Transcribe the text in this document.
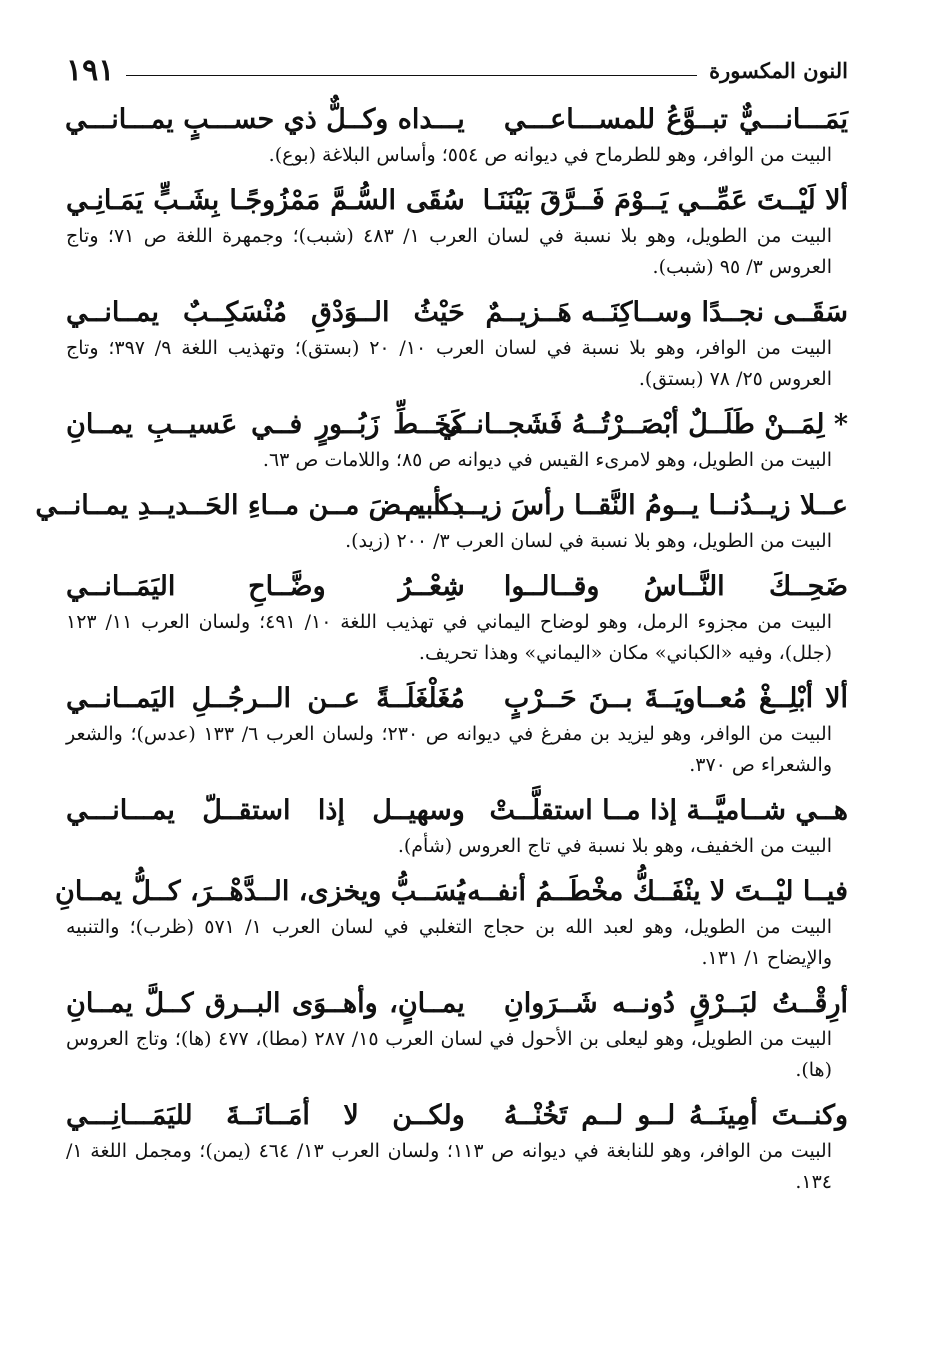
النون المكسورة
١٩١
يَمَـــانـــيٌّ تبــوَّعُ للمســـاعـــي
يـــداه وكــلٌّ ذي حســـبٍ يمـــانـــي
البيت من الوافر، وهو للطرماح في ديوانه ص ٥٥٤؛ وأساس البلاغة (بوع).
ألا لَيْــتَ عَمِّــي يَــوْمَ فَــرَّقَ بَيْنَنَـا
سُقَى السُّـمَّ مَمْزُوجًـا بِشَـبٍّ يَمَـانِـي
البيت من الطويل، وهو بلا نسبة في لسان العرب ١/ ٤٨٣ (شبب)؛ وجمهرة اللغة ص ٧١؛ وتاج العروس ٣/ ٩٥ (شبب).
سَقَــى نجــدًا وســاكِنَــه هَــزيــمٌ
حَيْثُ الــوَدْقِ مُنْسَكِــبٌ يمــانــي
البيت من الوافر، وهو بلا نسبة في لسان العرب ١٠/ ٢٠ (بستق)؛ وتهذيب اللغة ٩/ ٣٩٧؛ وتاج العروس ٢٥/ ٧٨ (بستق).
* لِمَــنْ طَلَــلٌ أبْصَــرْتُــهُ فَشَجــانــي
كَخَــطِّ زَبُــورٍ فــي عَسيــبِ يمــانِ
البيت من الطويل، وهو لامرىء القيس في ديوانه ص ٨٥؛ واللامات ص ٦٣.
عــلا زيــدُنــا يــومُ النَّقــا رأسَ زيــدكــم
بــأبيــضَ مــن مــاءِ الحَــديــدِ يمــانــي
البيت من الطويل، وهو بلا نسبة في لسان العرب ٣/ ٢٠٠ (زيد).
ضَحِــكَ النَّــاسُ وقــالــوا
شِعْــرُ وضَّــاحِ اليَمَــانــي
البيت من مجزوء الرمل، وهو لوضاح اليماني في تهذيب اللغة ١٠/ ٤٩١؛ ولسان العرب ١١/ ١٢٣ (جلل)، وفيه «الكباني» مكان «اليماني» وهذا تحريف.
ألا أبْلِــغْ مُعــاويَــةَ بــنَ حَــرْبٍ
مُغَلْغَلَــةً عــن الــرجُــلِ اليَمــانــي
البيت من الوافر، وهو ليزيد بن مفرغ في ديوانه ص ٢٣٠؛ ولسان العرب ٦/ ١٣٣ (عدس)؛ والشعر والشعراء ص ٣٧٠.
هــي شــاميَّــة إذا مــا استقلَّــتْ
وسهيــل إذا استقــلّ يمـــانـــي
البيت من الخفيف، وهو بلا نسبة في تاج العروس (شأم).
فيــا ليْــتَ لا ينْفَــكُّ مخْطَــمُ أنفــه،
يُسَــبُّ ويخزى، الــدَّهْــرَ، كــلُّ يمــانِ
البيت من الطويل، وهو لعبد الله بن حجاج التغلبي في لسان العرب ١/ ٥٧١ (ظرب)؛ والتنبيه والإيضاح ١/ ١٣١.
أرِقْــتُ لبَــرْقٍ دُونــه شَــرَوانِ
يمــانٍ، وأهــوَى البــرق كــلَّ يمــانِ
البيت من الطويل، وهو ليعلى بن الأحول في لسان العرب ١٥/ ٢٨٧ (مطا)، ٤٧٧ (ها)؛ وتاج العروس (ها).
وكنــتَ أمِينَــهُ لــو لــم تَخُنْــهُ
ولكــن لا أمَــانَــةَ لليَمَـــانِـــي
البيت من الوافر، وهو للنابغة في ديوانه ص ١١٣؛ ولسان العرب ١٣/ ٤٦٤ (يمن)؛ ومجمل اللغة ١/ ١٣٤.
